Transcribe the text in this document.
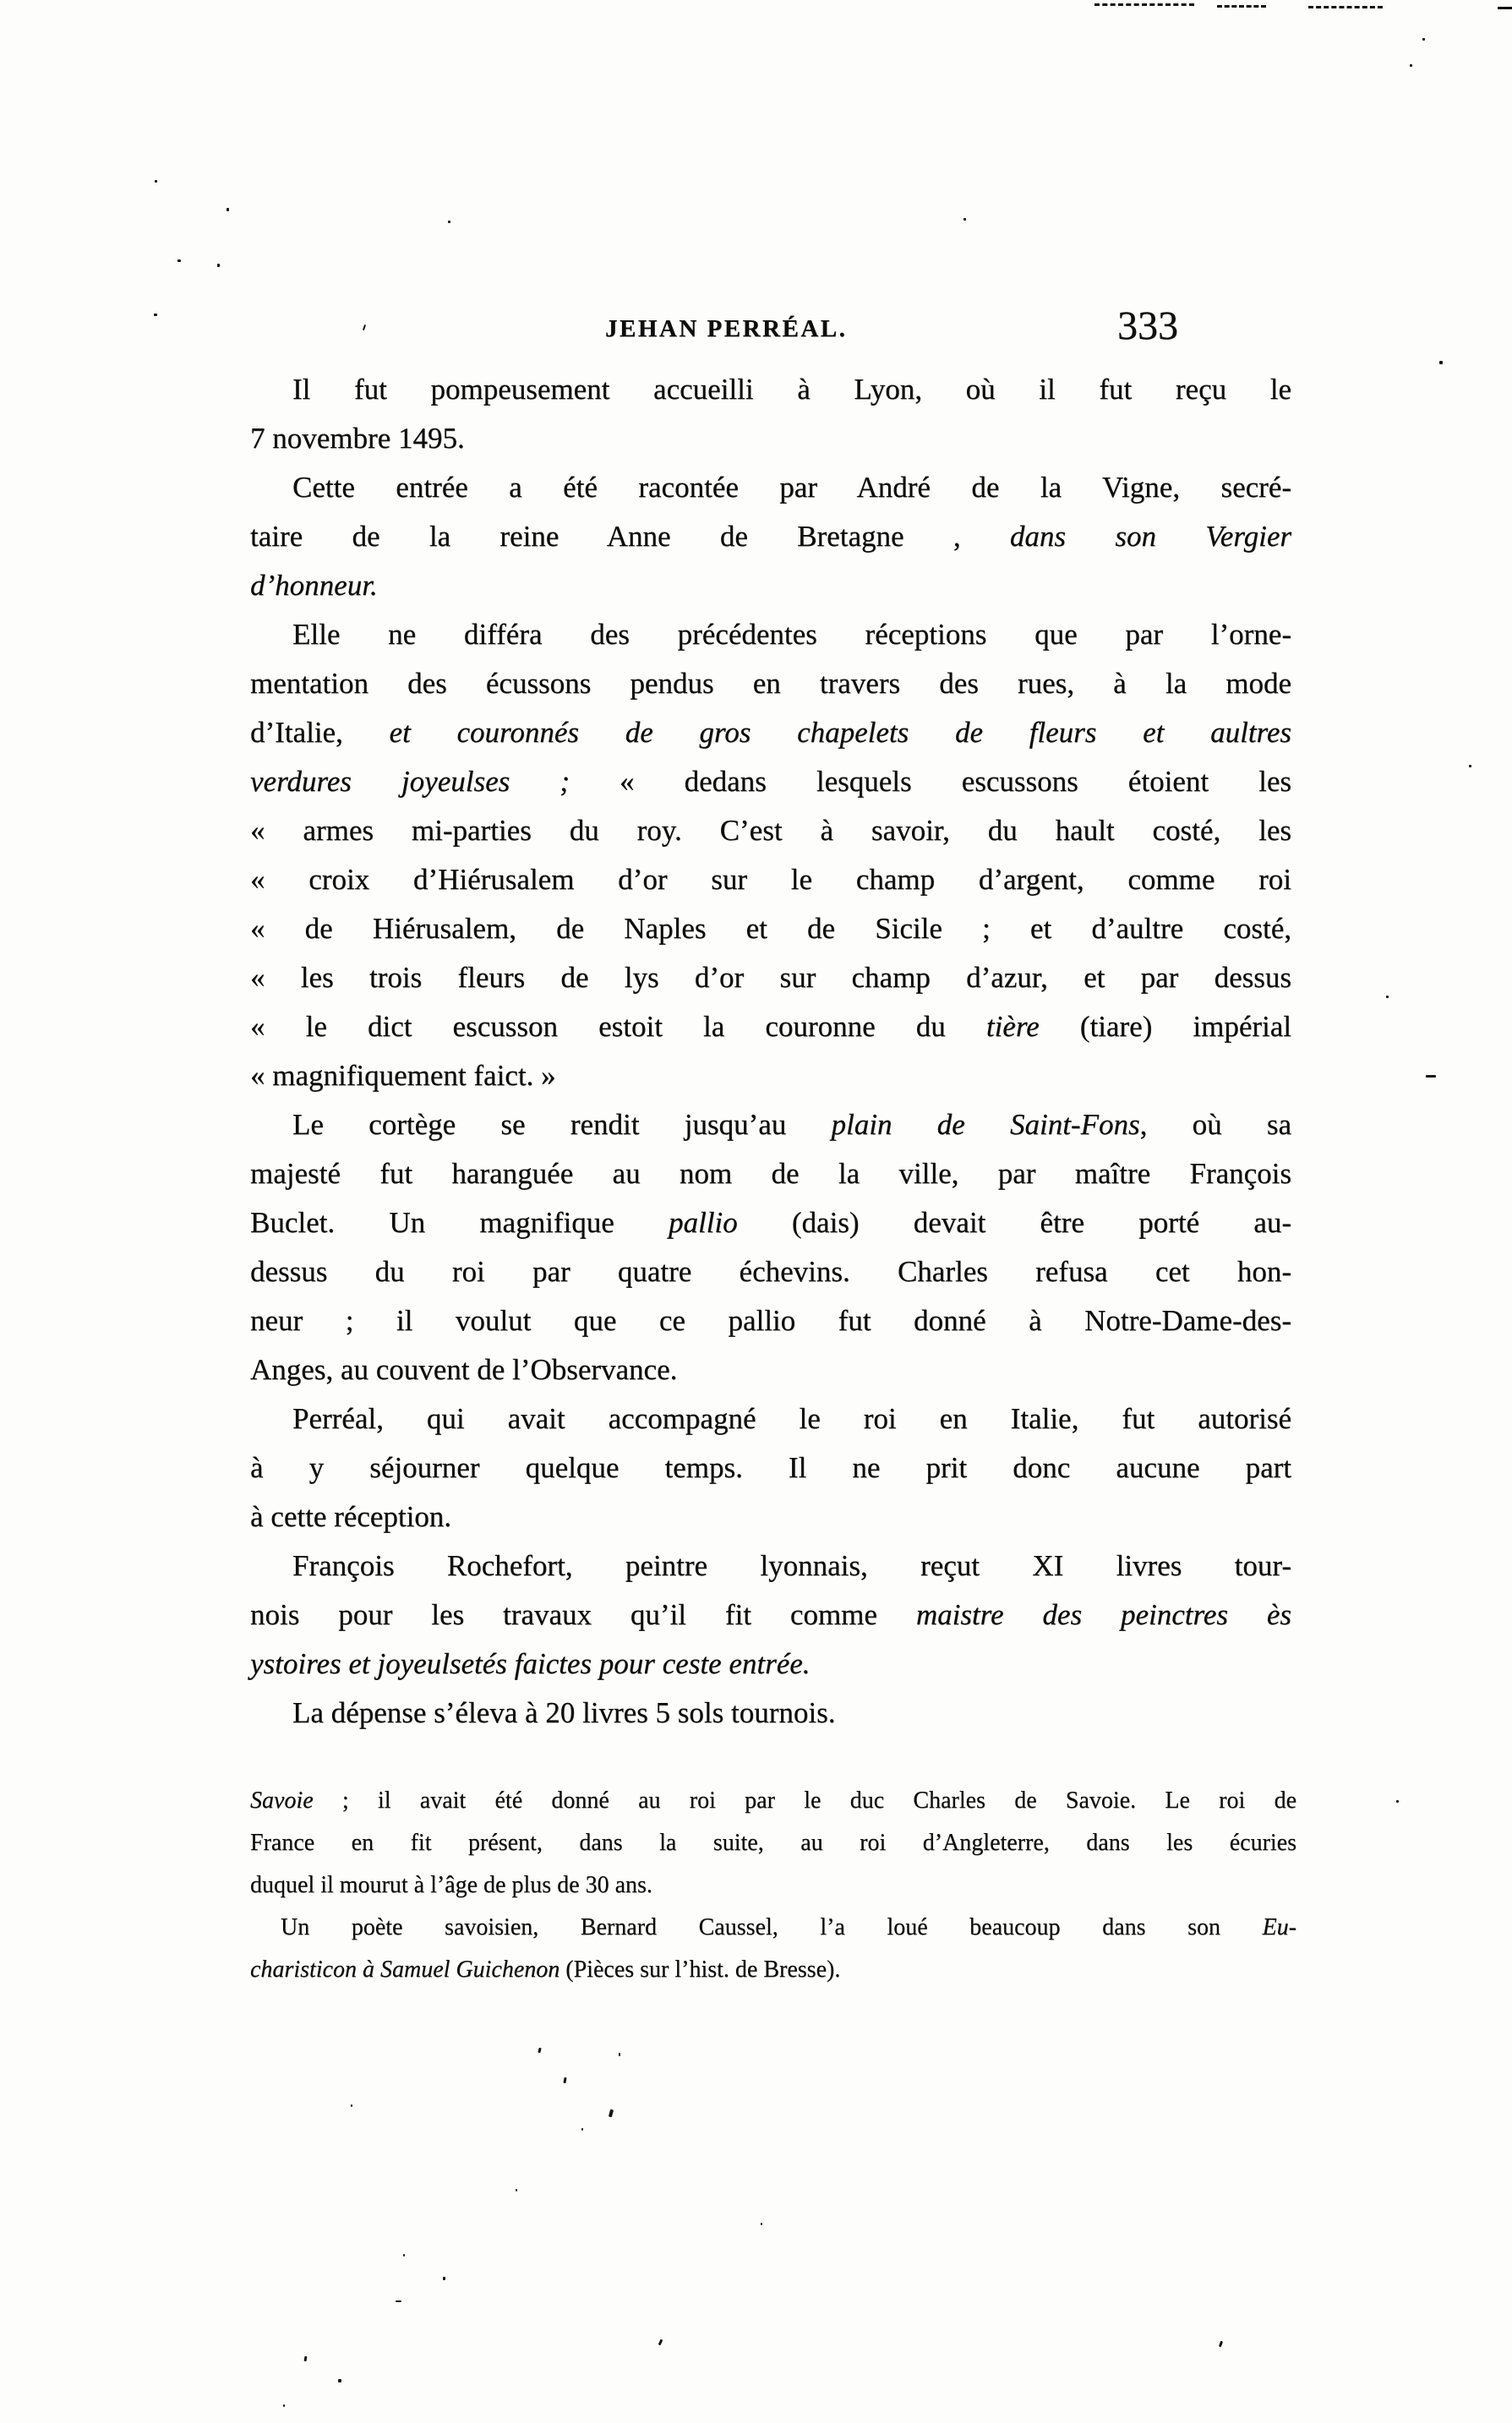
JEHAN PERRÉAL.	333
Il fut pompeusement accueilli à Lyon, où il fut reçu le
7 novembre 1495.
Cette entrée a été racontée par André de la Vigne, secré-
taire de la reine Anne de Bretagne , dans son Vergier
d’honneur.
Elle ne différa des précédentes réceptions que par l’orne-
mentation des écussons pendus en travers des rues, à la mode
d’Italie, et couronnés de gros chapelets de fleurs et aultres
verdures joyeulses ; « dedans lesquels escussons étoient les
« armes mi-parties du roy. C’est à savoir, du hault costé, les
« croix d’Hiérusalem d’or sur le champ d’argent, comme roi
« de Hiérusalem, de Naples et de Sicile ; et d’aultre costé,
« les trois fleurs de lys d’or sur champ d’azur, et par dessus
« le dict escusson estoit la couronne du tière (tiare) impérial
« magnifiquement faict. »
Le cortège se rendit jusqu’au plain de Saint-Fons, où sa
majesté fut haranguée au nom de la ville, par maître François
Buclet. Un magnifique pallio (dais) devait être porté au-
dessus du roi par quatre échevins. Charles refusa cet hon-
neur ; il voulut que ce pallio fut donné à Notre-Dame-des-
Anges, au couvent de l’Observance.
Perréal, qui avait accompagné le roi en Italie, fut autorisé
à y séjourner quelque temps. Il ne prit donc aucune part
à cette réception.
François Rochefort, peintre lyonnais, reçut XI livres tour-
nois pour les travaux qu’il fit comme maistre des peinctres ès
ystoires et joyeulsetés faictes pour ceste entrée.
La dépense s’éleva à 20 livres 5 sols tournois.
Savoie ; il avait été donné au roi par le duc Charles de Savoie. Le roi de
France en fit présent, dans la suite, au roi d’Angleterre, dans les écuries
duquel il mourut à l’âge de plus de 30 ans.
Un poète savoisien, Bernard Caussel, l’a loué beaucoup dans son Eu-
charisticon à Samuel Guichenon (Pièces sur l’hist. de Bresse).
